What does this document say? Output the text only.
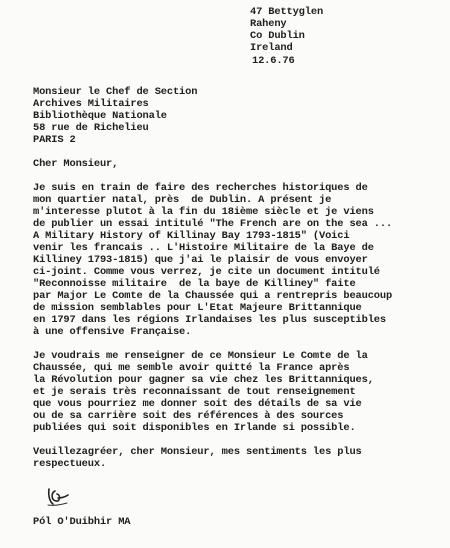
47 Bettyglen
Raheny
Co Dublin
Ireland
12.6.76
Monsieur le Chef de Section
Archives Militaires
Bibliothèque Nationale
58 rue de Richelieu
PARIS 2
Cher Monsieur,
Je suis en train de faire des recherches historiques de
mon quartier natal, près  de Dublin. A présent je
m'interesse plutot à la fin du 18ième siècle et je viens
de publier un essai intitulé "The French are on the sea ...
A Military History of Killinay Bay 1793-1815" (Voici
venir les francais .. L'Histoire Militaire de la Baye de
Killiney 1793-1815) que j'ai le plaisir de vous envoyer
ci-joint. Comme vous verrez, je cite un document intitulé
"Reconnoisse militaire  de la baye de Killiney" faite
par Major Le Comte de la Chaussée qui a rentrepris beaucoup
de mission semblables pour L'Etat Majeure Brittannique
en 1797 dans les régions Irlandaises les plus susceptibles
à une offensive Française.
Je voudrais me renseigner de ce Monsieur Le Comte de la
Chaussée, qui me semble avoir quitté la France après
la Révolution pour gagner sa vie chez les Brittanniques,
et je serais très reconnaissant de tout renseignement
que vous pourriez me donner soit des détails de sa vie
ou de sa carrière soit des références à des sources
publiées qui soit disponibles en Irlande si possible.
Veuillezagréer, cher Monsieur, mes sentiments les plus
respectueux.
Pól O'Duibhir MA
